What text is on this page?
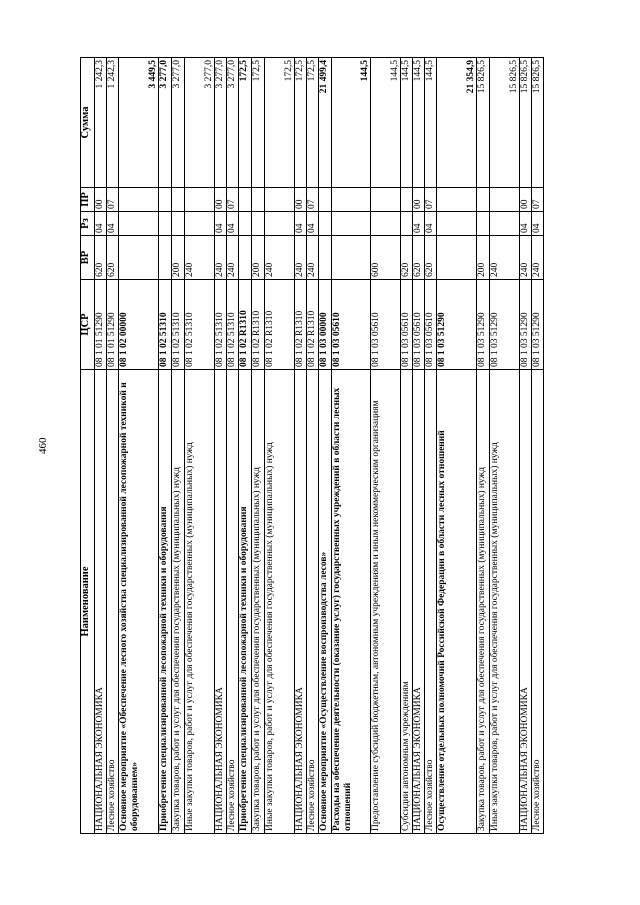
460
Наименование	ЦСР	ВР	Рз	ПР	Сумма
НАЦИОНАЛЬНАЯ ЭКОНОМИКА	08 1 01 51290	620	04	00	1 242,3
Лесное хозяйство	08 1 01 51290	620	04	07	1 242,3
Основное мероприятие «Обеспечение лесного хозяйства специализированной лесопожарной техникой и оборудованием»	08 1 02 00000				3 449,5
Приобретение специализированной лесопожарной техники и оборудования	08 1 02 51310				3 277,0
Закупка товаров, работ и услуг для обеспечения государственных (муниципальных) нужд	08 1 02 51310	200			3 277,0
Иные закупки товаров, работ и услуг для обеспечения государственных (муниципальных) нужд	08 1 02 51310	240			3 277,0
НАЦИОНАЛЬНАЯ ЭКОНОМИКА	08 1 02 51310	240	04	00	3 277,0
Лесное хозяйство	08 1 02 51310	240	04	07	3 277,0
Приобретение специализированной лесопожарной техники и оборудования	08 1 02 R1310				172,5
Закупка товаров, работ и услуг для обеспечения государственных (муниципальных) нужд	08 1 02 R1310	200			172,5
Иные закупки товаров, работ и услуг для обеспечения государственных (муниципальных) нужд	08 1 02 R1310	240			172,5
НАЦИОНАЛЬНАЯ ЭКОНОМИКА	08 1 02 R1310	240	04	00	172,5
Лесное хозяйство	08 1 02 R1310	240	04	07	172,5
Основное мероприятие «Осуществление воспроизводства лесов»	08 1 03 00000				21 499,4
Расходы на обеспечение деятельности (оказание услуг) государственных учреждений в области лесных отношений	08 1 03 05610				144,5
Предоставление субсидий бюджетным, автономным учреждениям и иным некоммерческим организациям	08 1 03 05610	600			144,5
Субсидии автономным учреждениям	08 1 03 05610	620			144,5
НАЦИОНАЛЬНАЯ ЭКОНОМИКА	08 1 03 05610	620	04	00	144,5
Лесное хозяйство	08 1 03 05610	620	04	07	144,5
Осуществление отдельных полномочий Российской Федерации в области лесных отношений	08 1 03 51290				21 354,9
Закупка товаров, работ и услуг для обеспечения государственных (муниципальных) нужд	08 1 03 51290	200			15 826,5
Иные закупки товаров, работ и услуг для обеспечения государственных (муниципальных) нужд	08 1 03 51290	240			15 826,5
НАЦИОНАЛЬНАЯ ЭКОНОМИКА	08 1 03 51290	240	04	00	15 826,5
Лесное хозяйство	08 1 03 51290	240	04	07	15 826,5
